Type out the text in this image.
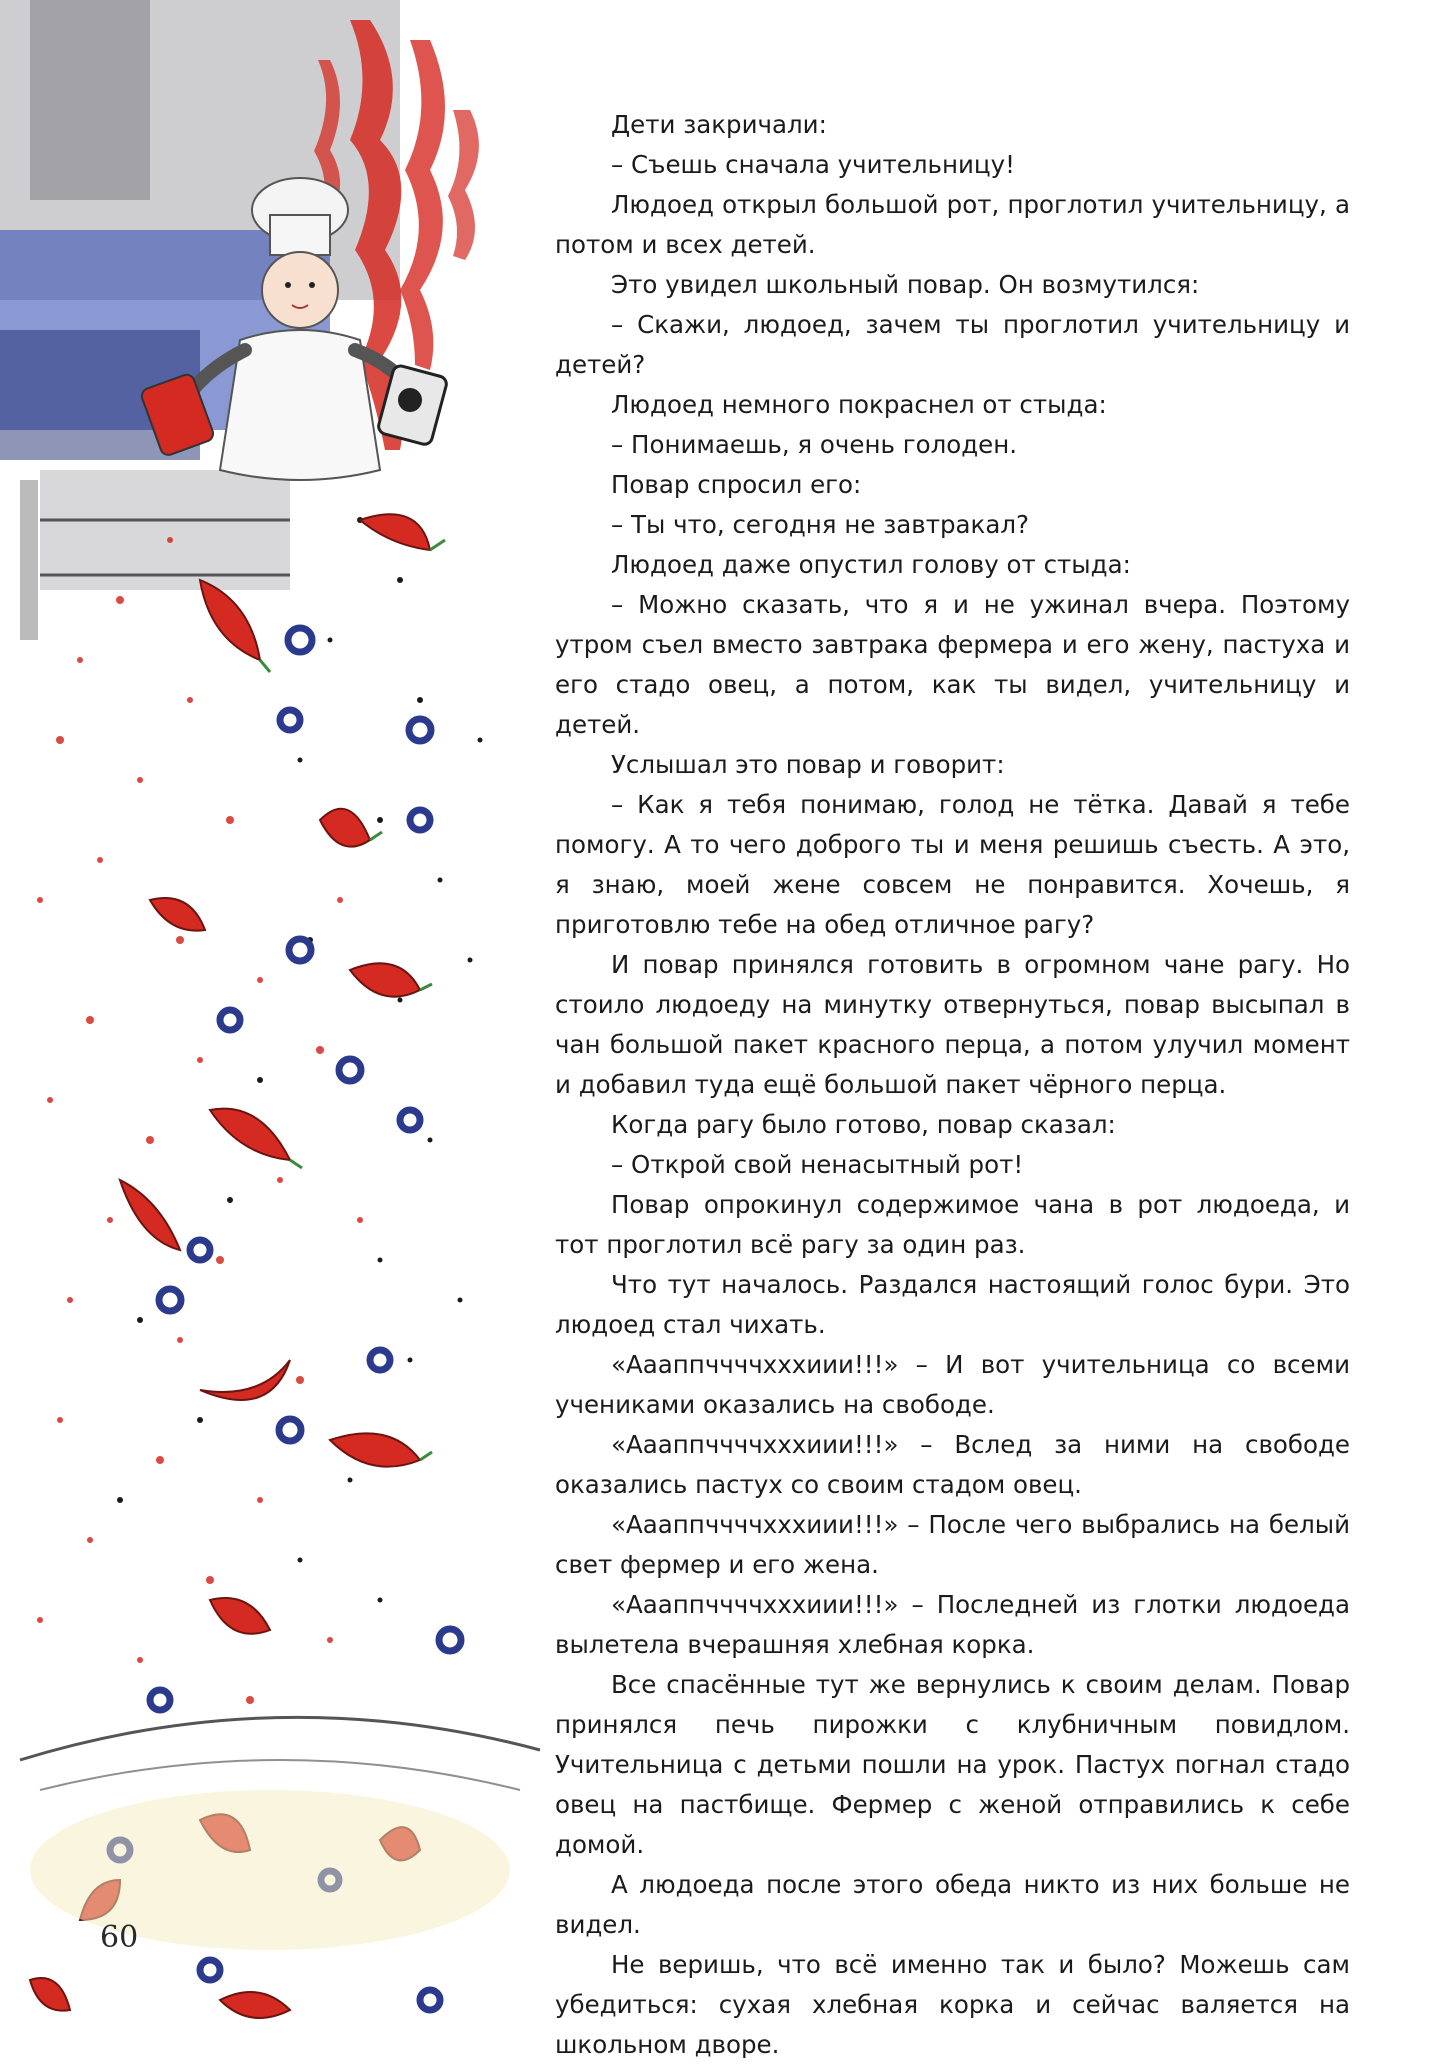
60

Дети закричали:

– Съешь сначала учительницу!

Людоед открыл большой рот, проглотил учительницу, а потом и всех детей.

Это увидел школьный повар. Он возмутился:

– Скажи, людоед, зачем ты проглотил учительницу и детей?

Людоед немного покраснел от стыда:

– Понимаешь, я очень голоден.

Повар спросил его:

– Ты что, сегодня не завтракал?

Людоед даже опустил голову от стыда:

– Можно сказать, что я и не ужинал вчера. Поэтому утром съел вместо завтрака фермера и его жену, пастуха и его стадо овец, а потом, как ты видел, учительницу и детей.

Услышал это повар и говорит:

– Как я тебя понимаю, голод не тётка. Давай я тебе помогу. А то чего доброго ты и меня решишь съесть. А это, я знаю, моей жене совсем не понравится. Хочешь, я приготовлю тебе на обед отличное рагу?

И повар принялся готовить в огромном чане рагу. Но стоило людоеду на минутку отвернуться, повар высыпал в чан большой пакет красного перца, а потом улучил момент и добавил туда ещё большой пакет чёрного перца.

Когда рагу было готово, повар сказал:

– Открой свой ненасытный рот!

Повар опрокинул содержимое чана в рот людоеда, и тот проглотил всё рагу за один раз.

Что тут началось. Раздался настоящий голос бури. Это людоед стал чихать.

«Аааппччччхххиии!!!» – И вот учительница со всеми учениками оказались на свободе.

«Аааппччччхххиии!!!» – Вслед за ними на свободе оказались пастух со своим стадом овец.

«Аааппччччхххиии!!!» – После чего выбрались на белый свет фермер и его жена.

«Аааппччччхххиии!!!» – Последней из глотки людоеда вылетела вчерашняя хлебная корка.

Все спасённые тут же вернулись к своим делам. Повар принялся печь пирожки с клубничным повидлом. Учительница с детьми пошли на урок. Пастух погнал стадо овец на пастбище. Фермер с женой отправились к себе домой.

А людоеда после этого обеда никто из них больше не видел.

Не веришь, что всё именно так и было? Можешь сам убедиться: сухая хлебная корка и сейчас валяется на школьном дворе.
